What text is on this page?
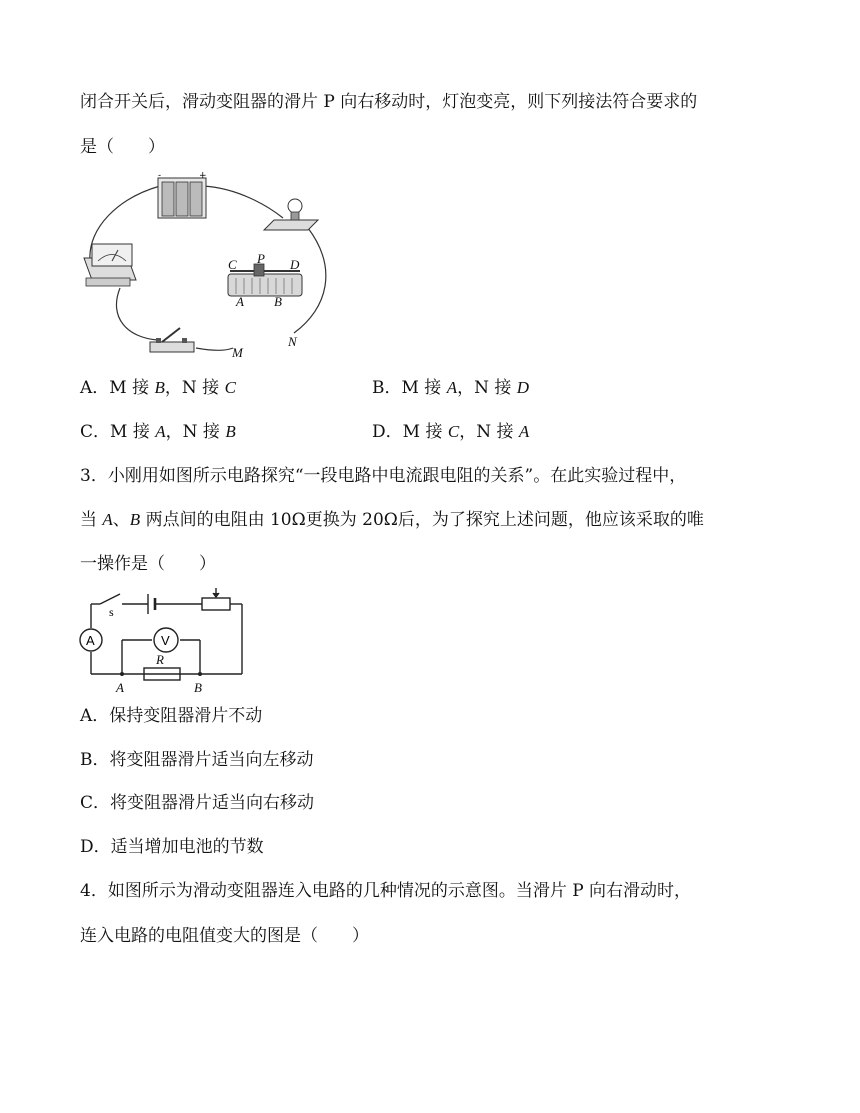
闭合开关后，滑动变阻器的滑片 P 向右移动时，灯泡变亮，则下列接法符合要求的
是（　　）
-	+
C P D
A B
M
N
A．M 接 B，N 接 C	B．M 接 A，N 接 D
C．M 接 A，N 接 B	D．M 接 C，N 接 A
3．小刚用如图所示电路探究“一段电路中电流跟电阻的关系”。在此实验过程中，
当 A、B 两点间的电阻由 10Ω更换为 20Ω后，为了探究上述问题，他应该采取的唯
一操作是（　　）
A	V
s
R
A	B
A．保持变阻器滑片不动
B．将变阻器滑片适当向左移动
C．将变阻器滑片适当向右移动
D．适当增加电池的节数
4．如图所示为滑动变阻器连入电路的几种情况的示意图。当滑片 P 向右滑动时，
连入电路的电阻值变大的图是（　　）
